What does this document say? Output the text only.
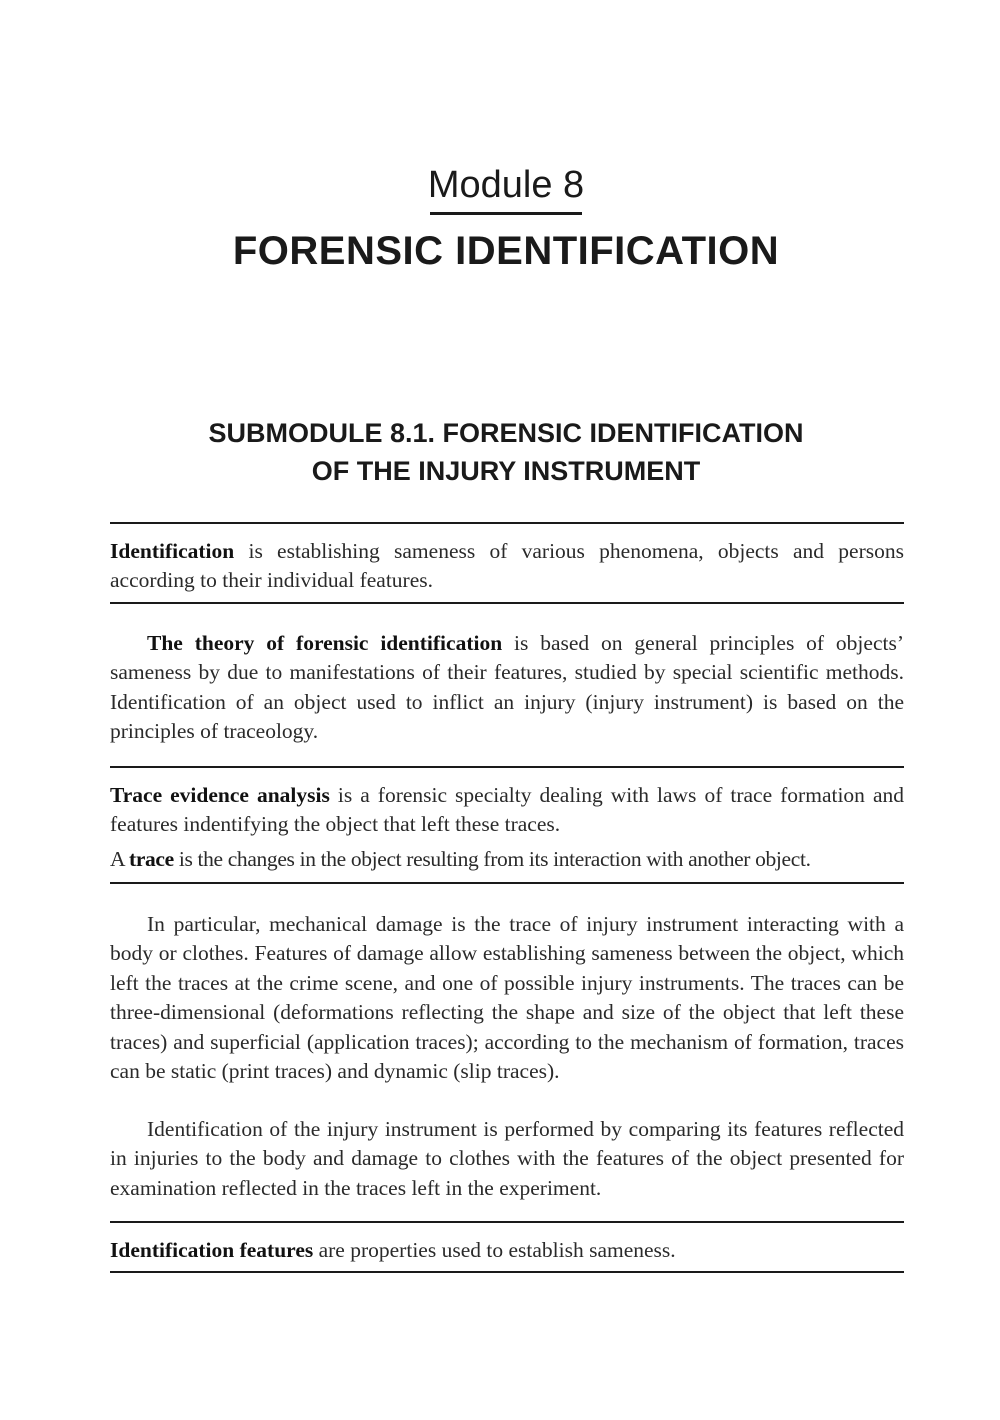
Module 8
FORENSIC IDENTIFICATION
SUBMODULE 8.1. FORENSIC IDENTIFICATION
OF THE INJURY INSTRUMENT
Identification is establishing sameness of various phenomena, objects and persons according to their individual features.
The theory of forensic identification is based on general principles of objects’ sameness by due to manifestations of their features, studied by special scientific methods. Identification of an object used to inflict an injury (injury instrument) is based on the principles of traceology.
Trace evidence analysis is a forensic specialty dealing with laws of trace formation and features indentifying the object that left these traces.
A trace is the changes in the object resulting from its interaction with another object.
In particular, mechanical damage is the trace of injury instrument interacting with a body or clothes. Features of damage allow establishing sameness between the object, which left the traces at the crime scene, and one of possible injury instruments. The traces can be three-dimensional (deformations reflecting the shape and size of the object that left these traces) and superficial (application traces); according to the mechanism of formation, traces can be static (print traces) and dynamic (slip traces).
Identification of the injury instrument is performed by comparing its features reflected in injuries to the body and damage to clothes with the features of the object presented for examination reflected in the traces left in the experiment.
Identification features are properties used to establish sameness.
